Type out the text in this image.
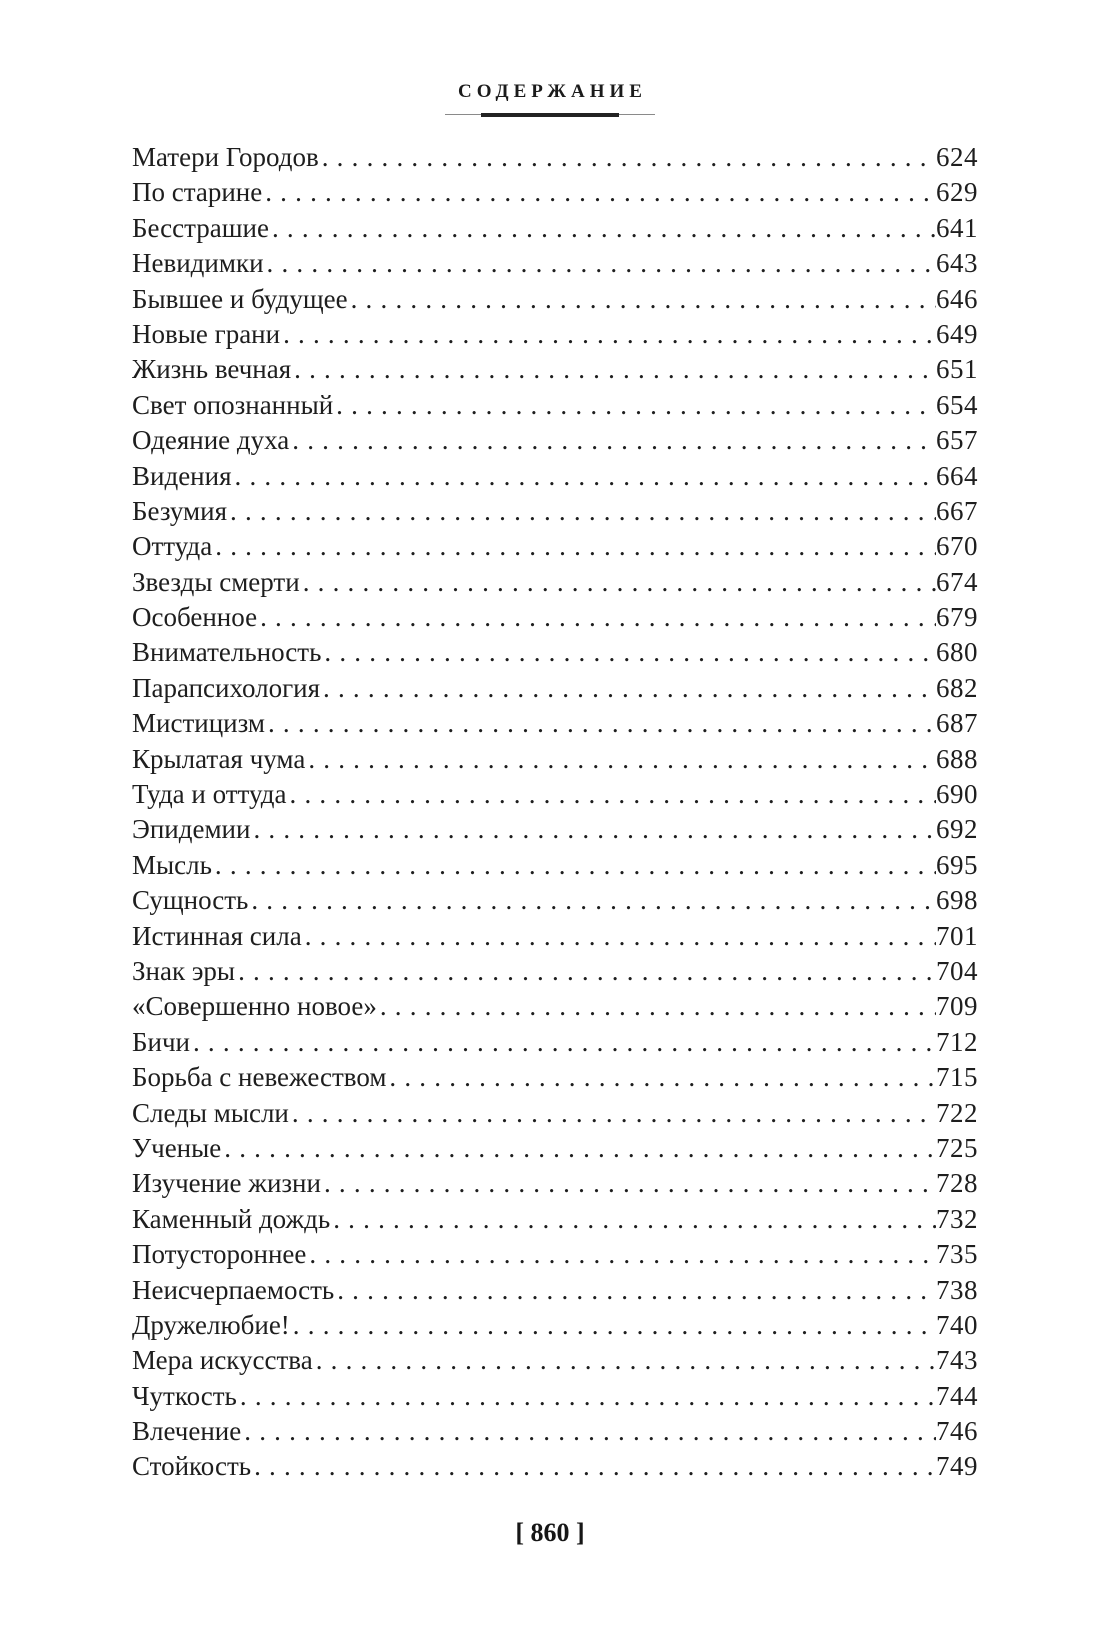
СОДЕРЖАНИЕ
Матери Городов .....	624
По старине .....	629
Бесстрашие .....	641
Невидимки .....	643
Бывшее и будущее .....	646
Новые грани .....	649
Жизнь вечная .....	651
Свет опознанный .....	654
Одеяние духа .....	657
Видения .....	664
Безумия .....	667
Оттуда .....	670
Звезды смерти .....	674
Особенное .....	679
Внимательность .....	680
Парапсихология .....	682
Мистицизм .....	687
Крылатая чума .....	688
Туда и оттуда .....	690
Эпидемии .....	692
Мысль .....	695
Сущность .....	698
Истинная сила .....	701
Знак эры .....	704
«Совершенно новое» .....	709
Бичи .....	712
Борьба с невежеством .....	715
Следы мысли .....	722
Ученые .....	725
Изучение жизни .....	728
Каменный дождь .....	732
Потустороннее .....	735
Неисчерпаемость .....	738
Дружелюбие! .....	740
Мера искусства .....	743
Чуткость .....	744
Влечение .....	746
Стойкость .....	749
[ 860 ]
